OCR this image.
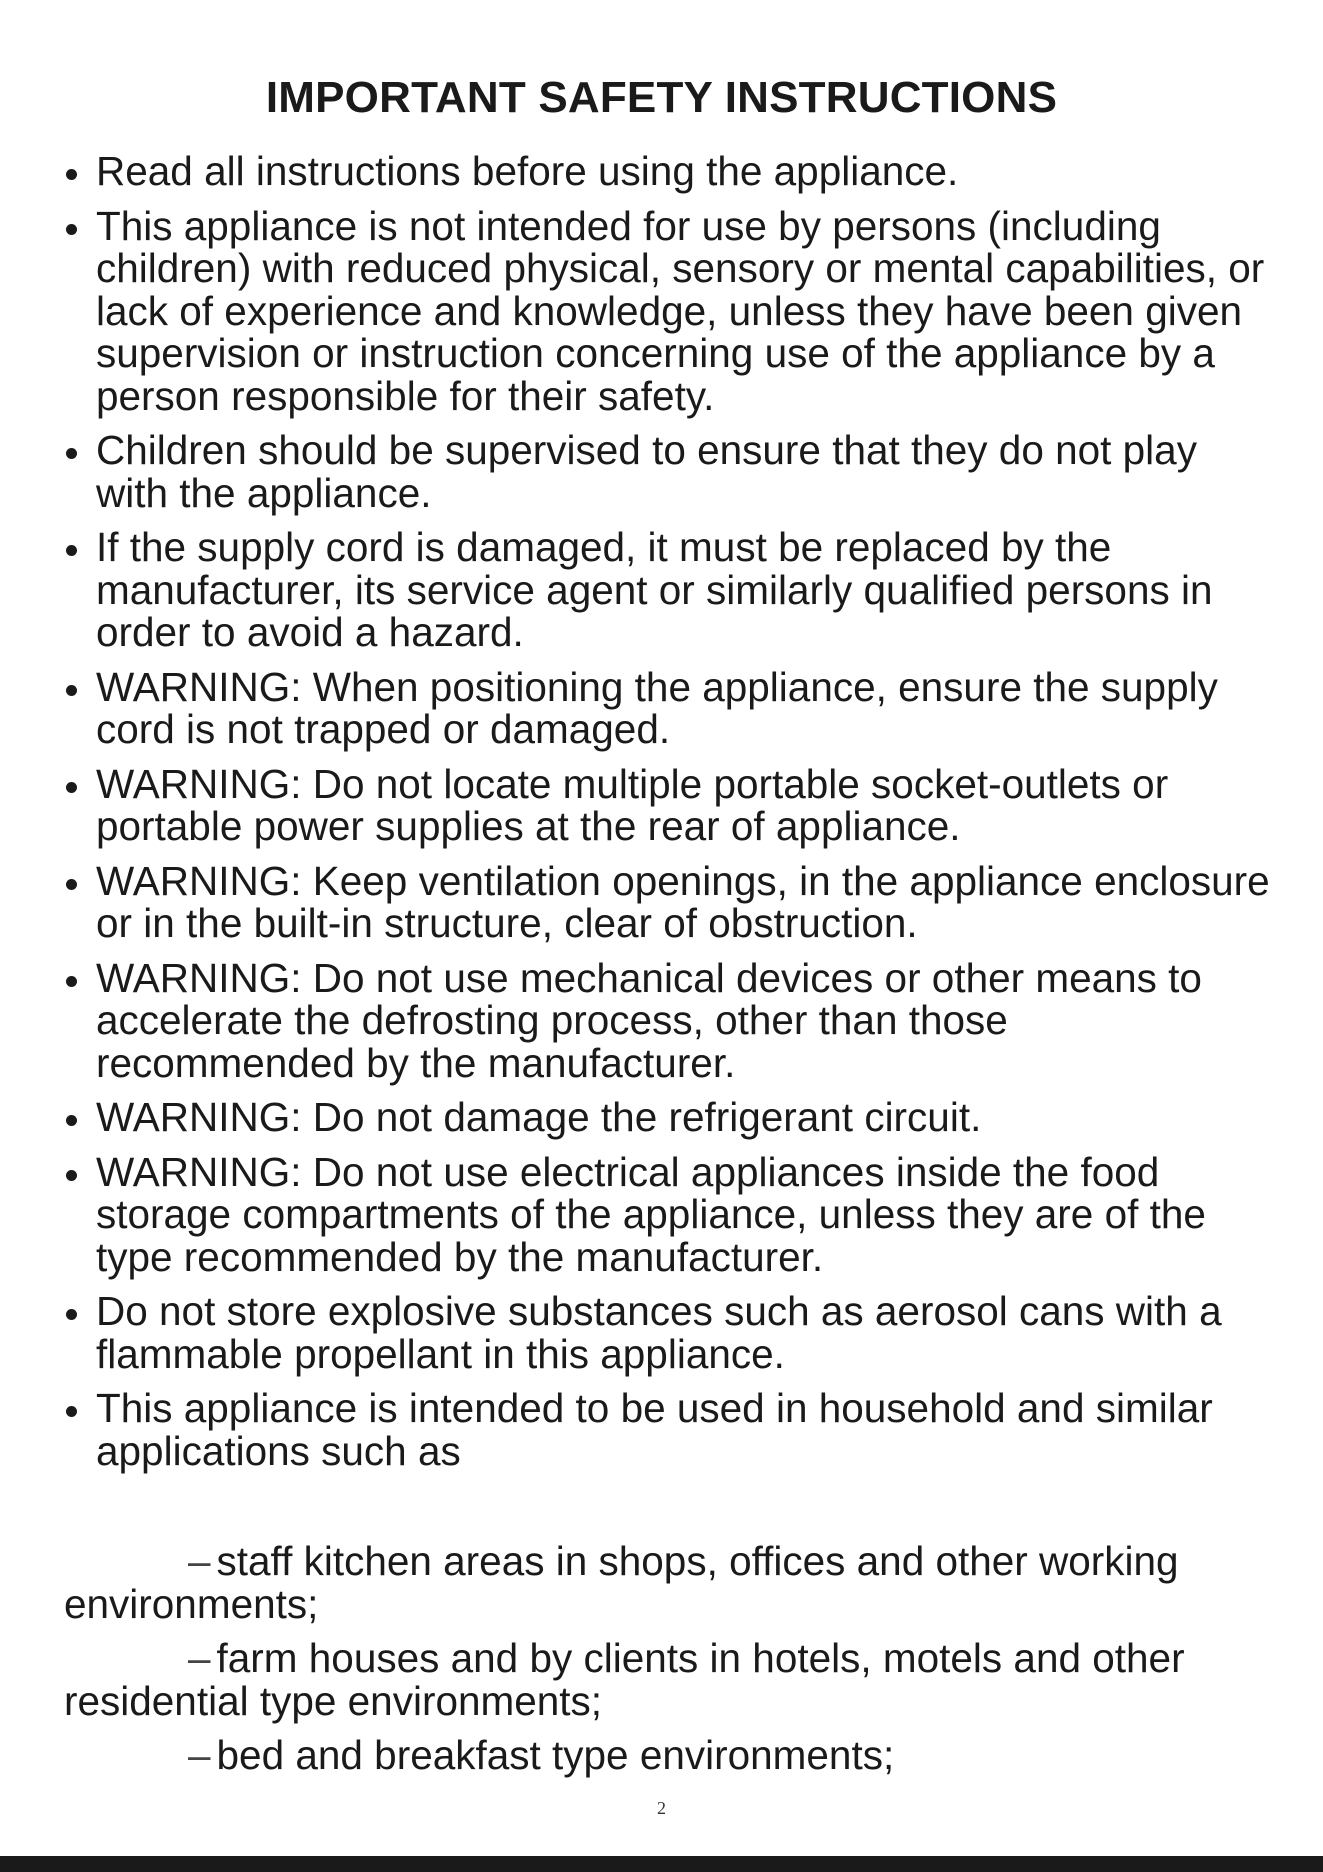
IMPORTANT SAFETY INSTRUCTIONS
Read all instructions before using the appliance.
This appliance is not intended for use by persons (including children) with reduced physical, sensory or mental capabilities, or lack of experience and knowledge, unless they have been given supervision or instruction concerning use of the appliance by a person responsible for their safety.
Children should be supervised to ensure that they do not play with the appliance.
If the supply cord is damaged, it must be replaced by the manufacturer, its service agent or similarly qualified persons in order to avoid a hazard.
WARNING: When positioning the appliance, ensure the supply cord is not trapped or damaged.
WARNING: Do not locate multiple portable socket-outlets or portable power supplies at the rear of appliance.
WARNING: Keep ventilation openings, in the appliance enclosure or in the built-in structure, clear of obstruction.
WARNING: Do not use mechanical devices or other means to accelerate the defrosting process, other than those recommended by the manufacturer.
WARNING: Do not damage the refrigerant circuit.
WARNING: Do not use electrical appliances inside the food storage compartments of the appliance, unless they are of the type recommended by the manufacturer.
Do not store explosive substances such as aerosol cans with a flammable propellant in this appliance.
This appliance is intended to be used in household and similar applications such as
– staff kitchen areas in shops, offices and other working environments;
– farm houses and by clients in hotels, motels and other residential type environments;
– bed and breakfast type environments;
2
